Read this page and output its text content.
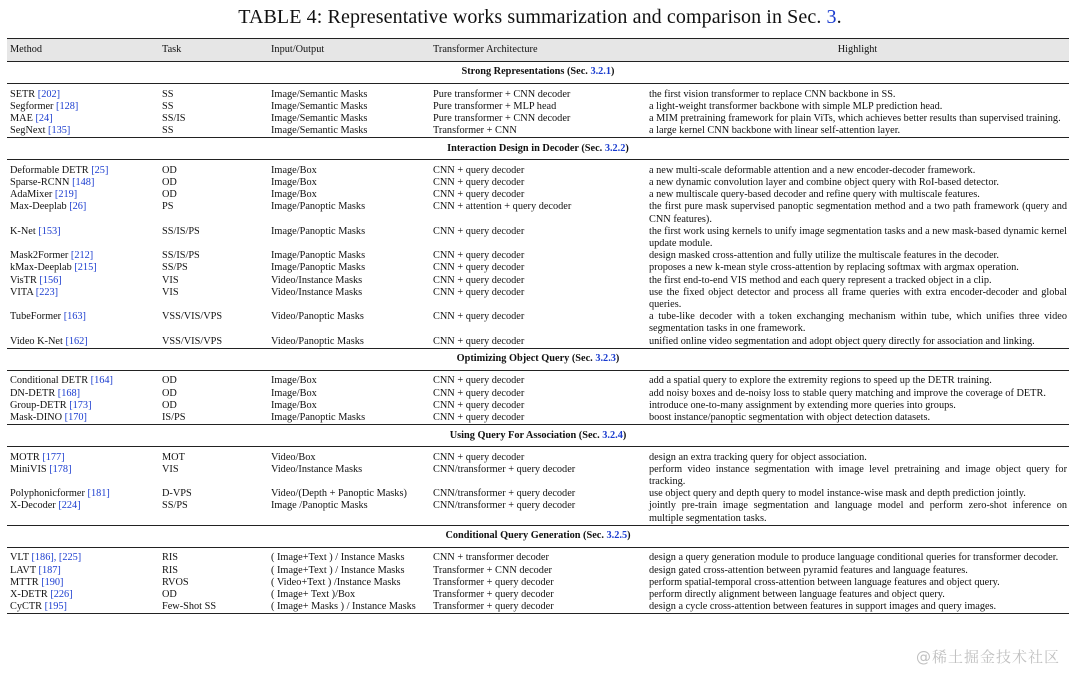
TABLE 4: Representative works summarization and comparison in Sec. 3.
Method	Task	Input/Output	Transformer Architecture	Highlight
Strong Representations (Sec. 3.2.1)				

SETR [202]	SS	Image/Semantic Masks	Pure transformer + CNN decoder	the first vision transformer to replace CNN backbone in SS.
Segformer [128]	SS	Image/Semantic Masks	Pure transformer + MLP head	a light-weight transformer backbone with simple MLP prediction head.
MAE [24]	SS/IS	Image/Semantic Masks	Pure transformer + CNN decoder	a MIM pretraining framework for plain ViTs, which achieves better results than supervised training.
SegNext [135]	SS	Image/Semantic Masks	Transformer + CNN	a large kernel CNN backbone with linear self-attention layer.
Interaction Design in Decoder (Sec. 3.2.2)				

Deformable DETR [25]	OD	Image/Box	CNN + query decoder	a new multi-scale deformable attention and a new encoder-decoder framework.
Sparse-RCNN [148]	OD	Image/Box	CNN + query decoder	a new dynamic convolution layer and combine object query with RoI-based detector.
AdaMixer [219]	OD	Image/Box	CNN + query decoder	a new multiscale query-based decoder and refine query with multiscale features.
Max-Deeplab [26]	PS	Image/Panoptic Masks	CNN + attention + query decoder	the first pure mask supervised panoptic segmentation method and a two path framework (query and CNN features).
K-Net [153]	SS/IS/PS	Image/Panoptic Masks	CNN + query decoder	the first work using kernels to unify image segmentation tasks and a new mask-based dynamic kernel update module.
Mask2Former [212]	SS/IS/PS	Image/Panoptic Masks	CNN + query decoder	design masked cross-attention and fully utilize the multiscale features in the decoder.
kMax-Deeplab [215]	SS/PS	Image/Panoptic Masks	CNN + query decoder	proposes a new k-mean style cross-attention by replacing softmax with argmax operation.
VisTR [156]	VIS	Video/Instance Masks	CNN + query decoder	the first end-to-end VIS method and each query represent a tracked object in a clip.
VITA [223]	VIS	Video/Instance Masks	CNN + query decoder	use the fixed object detector and process all frame queries with extra encoder-decoder and global queries.
TubeFormer [163]	VSS/VIS/VPS	Video/Panoptic Masks	CNN + query decoder	a tube-like decoder with a token exchanging mechanism within tube, which unifies three video segmentation tasks in one framework.
Video K-Net [162]	VSS/VIS/VPS	Video/Panoptic Masks	CNN + query decoder	unified online video segmentation and adopt object query directly for association and linking.
Optimizing Object Query (Sec. 3.2.3)				

Conditional DETR [164]	OD	Image/Box	CNN + query decoder	add a spatial query to explore the extremity regions to speed up the DETR training.
DN-DETR [168]	OD	Image/Box	CNN + query decoder	add noisy boxes and de-noisy loss to stable query matching and improve the coverage of DETR.
Group-DETR [173]	OD	Image/Box	CNN + query decoder	introduce one-to-many assignment by extending more queries into groups.
Mask-DINO [170]	IS/PS	Image/Panoptic Masks	CNN + query decoder	boost instance/panoptic segmentation with object detection datasets.
Using Query For Association (Sec. 3.2.4)				

MOTR [177]	MOT	Video/Box	CNN + query decoder	design an extra tracking query for object association.
MiniVIS [178]	VIS	Video/Instance Masks	CNN/transformer + query decoder	perform video instance segmentation with image level pretraining and image object query for tracking.
Polyphonicformer [181]	D-VPS	Video/(Depth + Panoptic Masks)	CNN/transformer + query decoder	use object query and depth query to model instance-wise mask and depth prediction jointly.
X-Decoder [224]	SS/PS	Image /Panoptic Masks	CNN/transformer + query decoder	jointly pre-train image segmentation and language model and perform zero-shot inference on multiple segmentation tasks.
Conditional Query Generation (Sec. 3.2.5)				

VLT [186], [225]	RIS	( Image+Text ) / Instance Masks	CNN + transformer decoder	design a query generation module to produce language conditional queries for transformer decoder.
LAVT [187]	RIS	( Image+Text ) / Instance Masks	Transformer + CNN decoder	design gated cross-attention between pyramid features and language features.
MTTR [190]	RVOS	( Video+Text ) /Instance Masks	Transformer + query decoder	perform spatial-temporal cross-attention between language features and object query.
X-DETR [226]	OD	( Image+ Text )/Box	Transformer + query decoder	perform directly alignment between language features and object query.
CyCTR [195]	Few-Shot SS	( Image+ Masks ) / Instance Masks	Transformer + query decoder	design a cycle cross-attention between features in support images and query images.
@稀土掘金技术社区
